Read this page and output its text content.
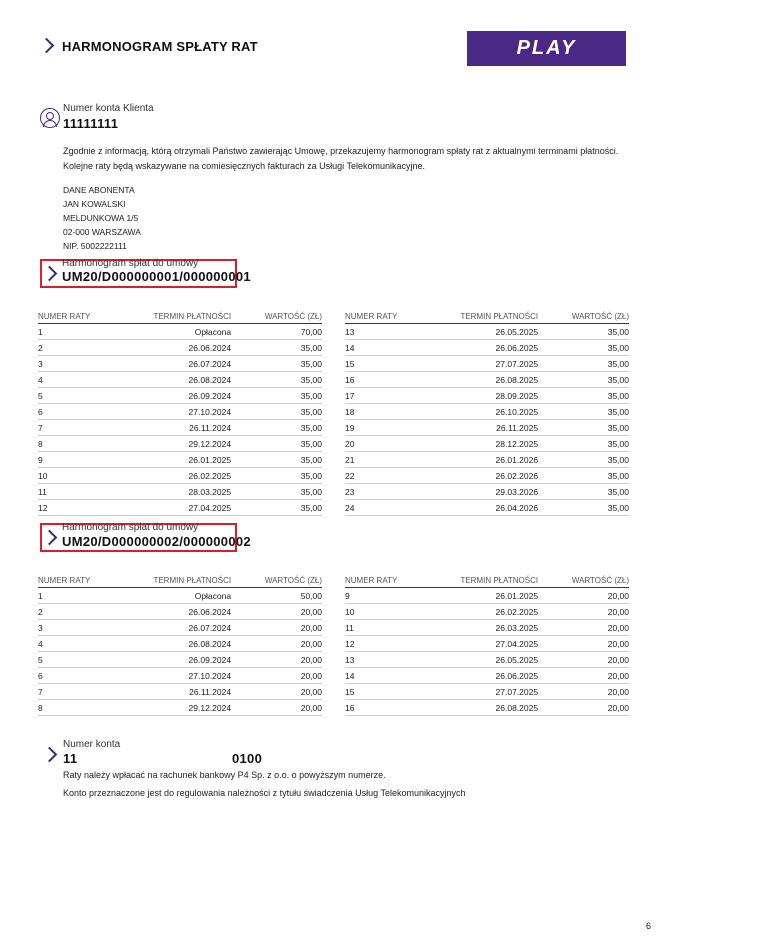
HARMONOGRAM SPŁATY RAT	PLAY
Numer konta Klienta
11111111
Zgodnie z informacją, którą otrzymali Państwo zawierając Umowę, przekazujemy harmonogram spłaty rat z aktualnymi terminami płatności.
Kolejne raty będą wskazywane na comiesięcznych fakturach za Usługi Telekomunikacyjne.
DANE ABONENTA
JAN KOWALSKI
MELDUNKOWA 1/5
02-000 WARSZAWA
NIP. 5002222111
Harmonogram spłat do umowy
UM20/D000000001/000000001
NUMER RATY	TERMIN PŁATNOŚCI	WARTOŚĆ (ZŁ)
1	Opłacona	70,00
2	26.06.2024	35,00
3	26.07.2024	35,00
4	26.08.2024	35,00
5	26.09.2024	35,00
6	27.10.2024	35,00
7	26.11.2024	35,00
8	29.12.2024	35,00
9	26.01.2025	35,00
10	26.02.2025	35,00
11	28.03.2025	35,00
12	27.04.2025	35,00
NUMER RATY	TERMIN PŁATNOŚCI	WARTOŚĆ (ZŁ)
13	26.05.2025	35,00
14	26.06.2025	35,00
15	27.07.2025	35,00
16	26.08.2025	35,00
17	28.09.2025	35,00
18	26.10.2025	35,00
19	26.11.2025	35,00
20	28.12.2025	35,00
21	26.01.2026	35,00
22	26.02.2026	35,00
23	29.03.2026	35,00
24	26.04.2026	35,00
Harmonogram spłat do umowy
UM20/D000000002/000000002
NUMER RATY	TERMIN PŁATNOŚCI	WARTOŚĆ (ZŁ)
1	Opłacona	50,00
2	26.06.2024	20,00
3	26.07.2024	20,00
4	26.08.2024	20,00
5	26.09.2024	20,00
6	27.10.2024	20,00
7	26.11.2024	20,00
8	29.12.2024	20,00
NUMER RATY	TERMIN PŁATNOŚCI	WARTOŚĆ (ZŁ)
9	26.01.2025	20,00
10	26.02.2025	20,00
11	26.03.2025	20,00
12	27.04.2025	20,00
13	26.05.2025	20,00
14	26.06.2025	20,00
15	27.07.2025	20,00
16	26.08.2025	20,00
Numer konta
11	0100
Raty należy wpłacać na rachunek bankowy P4 Sp. z o.o. o powyższym numerze.
Konto przeznaczone jest do regulowania należności z tytułu świadczenia Usług Telekomunikacyjnych
6
